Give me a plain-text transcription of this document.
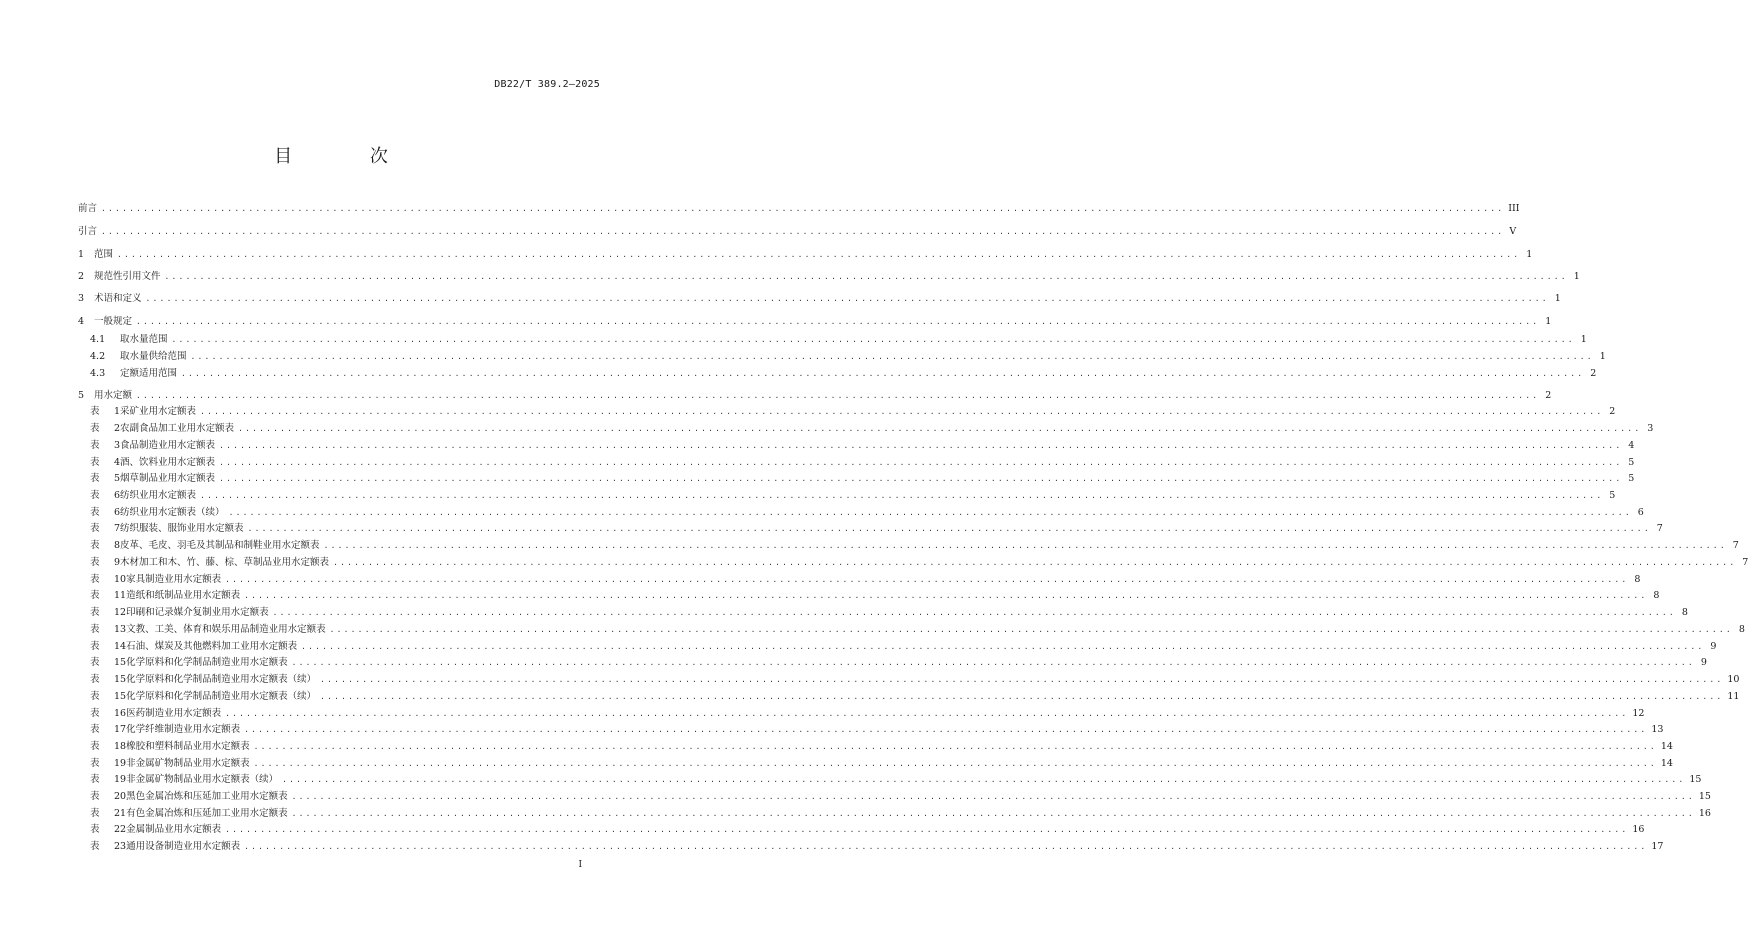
DB22/T 389.2—2025
目 次
前言 ........................................................................................................................................................................................................ III
引言 ........................................................................................................................................................................................................ V
1	范围 ........................................................................................................................................................................................................ 1
2	规范性引用文件 ........................................................................................................................................................................................................ 1
3	术语和定义 ........................................................................................................................................................................................................ 1
4	一般规定 ........................................................................................................................................................................................................ 1
4.1	取水量范围 ........................................................................................................................................................................................................ 1
4.2	取水量供给范围 ........................................................................................................................................................................................................ 1
4.3	定额适用范围 ........................................................................................................................................................................................................ 2
5	用水定额 ........................................................................................................................................................................................................ 2
表	1 采矿业用水定额表 ........................................................................................................................................................................................................ 2
表	2 农副食品加工业用水定额表 ........................................................................................................................................................................................................ 3
表	3 食品制造业用水定额表 ........................................................................................................................................................................................................ 4
表	4 酒、饮料业用水定额表 ........................................................................................................................................................................................................ 5
表	5 烟草制品业用水定额表 ........................................................................................................................................................................................................ 5
表	6 纺织业用水定额表 ........................................................................................................................................................................................................ 5
表	6 纺织业用水定额表（续） ........................................................................................................................................................................................................ 6
表	7 纺织服装、服饰业用水定额表 ........................................................................................................................................................................................................ 7
表	8 皮革、毛皮、羽毛及其制品和制鞋业用水定额表 ........................................................................................................................................................................................................ 7
表	9 木材加工和木、竹、藤、棕、草制品业用水定额表 ........................................................................................................................................................................................................ 7
表	10 家具制造业用水定额表 ........................................................................................................................................................................................................ 8
表	11 造纸和纸制品业用水定额表 ........................................................................................................................................................................................................ 8
表	12 印刷和记录媒介复制业用水定额表 ........................................................................................................................................................................................................ 8
表	13 文教、工美、体育和娱乐用品制造业用水定额表 ........................................................................................................................................................................................................ 8
表	14 石油、煤炭及其他燃料加工业用水定额表 ........................................................................................................................................................................................................ 9
表	15 化学原料和化学制品制造业用水定额表 ........................................................................................................................................................................................................ 9
表	15 化学原料和化学制品制造业用水定额表（续） ........................................................................................................................................................................................................ 10
表	15 化学原料和化学制品制造业用水定额表（续） ........................................................................................................................................................................................................ 11
表	16 医药制造业用水定额表 ........................................................................................................................................................................................................ 12
表	17 化学纤维制造业用水定额表 ........................................................................................................................................................................................................ 13
表	18 橡胶和塑料制品业用水定额表 ........................................................................................................................................................................................................ 14
表	19 非金属矿物制品业用水定额表 ........................................................................................................................................................................................................ 14
表	19 非金属矿物制品业用水定额表（续） ........................................................................................................................................................................................................ 15
表	20 黑色金属冶炼和压延加工业用水定额表 ........................................................................................................................................................................................................ 15
表	21 有色金属冶炼和压延加工业用水定额表 ........................................................................................................................................................................................................ 16
表	22 金属制品业用水定额表 ........................................................................................................................................................................................................ 16
表	23 通用设备制造业用水定额表 ........................................................................................................................................................................................................ 17
I
